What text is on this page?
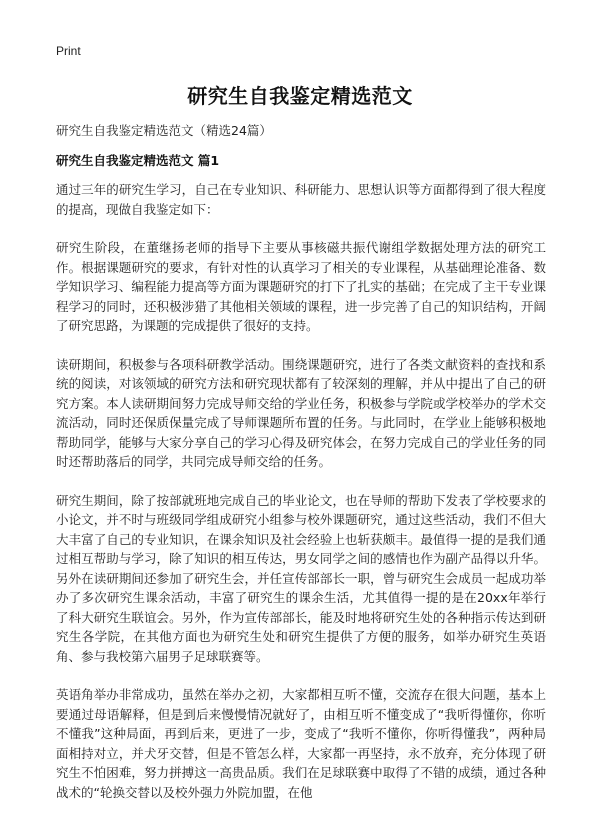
Print
研究生自我鉴定精选范文
研究生自我鉴定精选范文（精选24篇）
研究生自我鉴定精选范文 篇1

通过三年的研究生学习，自己在专业知识、科研能力、思想认识等方面都得到了很大程度的提高，现做自我鉴定如下：

研究生阶段，在董继扬老师的指导下主要从事核磁共振代谢组学数据处理方法的研究工作。根据课题研究的要求，有针对性的认真学习了相关的专业课程，从基础理论准备、数学知识学习、编程能力提高等方面为课题研究的打下了扎实的基础；在完成了主干专业课程学习的同时，还积极涉猎了其他相关领域的课程，进一步完善了自己的知识结构，开阔了研究思路，为课题的完成提供了很好的支持。

读研期间，积极参与各项科研教学活动。围绕课题研究，进行了各类文献资料的查找和系统的阅读，对该领域的研究方法和研究现状都有了较深刻的理解，并从中提出了自己的研究方案。本人读研期间努力完成导师交给的学业任务，积极参与学院或学校举办的学术交流活动，同时还保质保量完成了导师课题所布置的任务。与此同时，在学业上能够积极地帮助同学，能够与大家分享自己的学习心得及研究体会，在努力完成自己的学业任务的同时还帮助落后的同学，共同完成导师交给的任务。

研究生期间，除了按部就班地完成自己的毕业论文，也在导师的帮助下发表了学校要求的小论文，并不时与班级同学组成研究小组参与校外课题研究，通过这些活动，我们不但大大丰富了自己的专业知识，在课余知识及社会经验上也斩获颇丰。最值得一提的是我们通过相互帮助与学习，除了知识的相互传达，男女同学之间的感情也作为副产品得以升华。另外在读研期间还参加了研究生会，并任宣传部部长一职，曾与研究生会成员一起成功举办了多次研究生课余活动，丰富了研究生的课余生活，尤其值得一提的是在20xx年举行了科大研究生联谊会。另外，作为宣传部部长，能及时地将研究生处的各种指示传达到研究生各学院，在其他方面也为研究生处和研究生提供了方便的服务，如举办研究生英语角、参与我校第六届男子足球联赛等。

英语角举办非常成功，虽然在举办之初，大家都相互听不懂，交流存在很大问题，基本上要通过母语解释，但是到后来慢慢情况就好了，由相互听不懂变成了“我听得懂你，你听不懂我”这种局面，再到后来，更进了一步，变成了“我听不懂你，你听得懂我”，两种局面相持对立，并犬牙交替，但是不管怎么样，大家都一再坚持，永不放弃，充分体现了研究生不怕困难，努力拼搏这一高贵品质。我们在足球联赛中取得了不错的成绩，通过各种战术的“轮换交替以及校外强力外院加盟，在他
